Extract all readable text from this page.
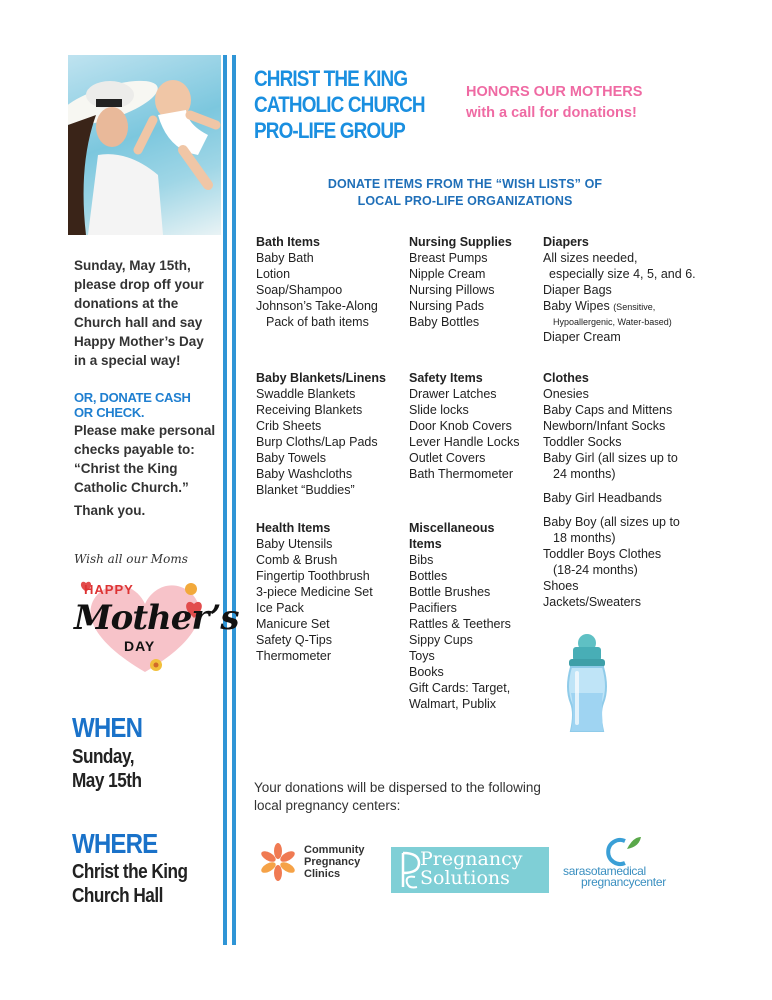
Sunday, May 15th,
please drop off your
donations at the
Church hall and say
Happy Mother’s Day
in a special way!
OR, DONATE CASH
OR CHECK.
Please make personal
checks payable to:
“Christ the King
Catholic Church.”
Thank you.
Wish all our Moms
HAPPY
Mother’s
DAY
WHEN
Sunday,
May 15th
WHERE
Christ the King
Church Hall
CHRIST THE KING
CATHOLIC CHURCH
PRO-LIFE GROUP
HONORS OUR MOTHERS
with a call for donations!
DONATE ITEMS FROM THE “WISH LISTS” OF
LOCAL PRO-LIFE ORGANIZATIONS
Bath Items
Baby Bath
Lotion
Soap/Shampoo
Johnson’s Take-Along
Pack of bath items
Nursing Supplies
Breast Pumps
Nipple Cream
Nursing Pillows
Nursing Pads
Baby Bottles
Diapers
All sizes needed,
especially size 4, 5, and 6.
Diaper Bags
Baby Wipes (Sensitive,
Hypoallergenic, Water-based)
Diaper Cream
Baby Blankets/Linens
Swaddle Blankets
Receiving Blankets
Crib Sheets
Burp Cloths/Lap Pads
Baby Towels
Baby Washcloths
Blanket “Buddies”
Safety Items
Drawer Latches
Slide locks
Door Knob Covers
Lever Handle Locks
Outlet Covers
Bath Thermometer
Clothes
Onesies
Baby Caps and Mittens
Newborn/Infant Socks
Toddler Socks
Baby Girl (all sizes up to
24 months)
Baby Girl Headbands
Baby Boy (all sizes up to
18 months)
Toddler Boys Clothes
(18-24 months)
Shoes
Jackets/Sweaters
Health Items
Baby Utensils
Comb & Brush
Fingertip Toothbrush
3-piece Medicine Set
Ice Pack
Manicure Set
Safety Q-Tips
Thermometer
Miscellaneous
Items
Bibs
Bottles
Bottle Brushes
Pacifiers
Rattles & Teethers
Sippy Cups
Toys
Books
Gift Cards: Target,
Walmart, Publix
Your donations will be dispersed to the following
local pregnancy centers:
Community
Pregnancy
Clinics
Pregnancy
Solutions	sarasotamedical
pregnancycenter
